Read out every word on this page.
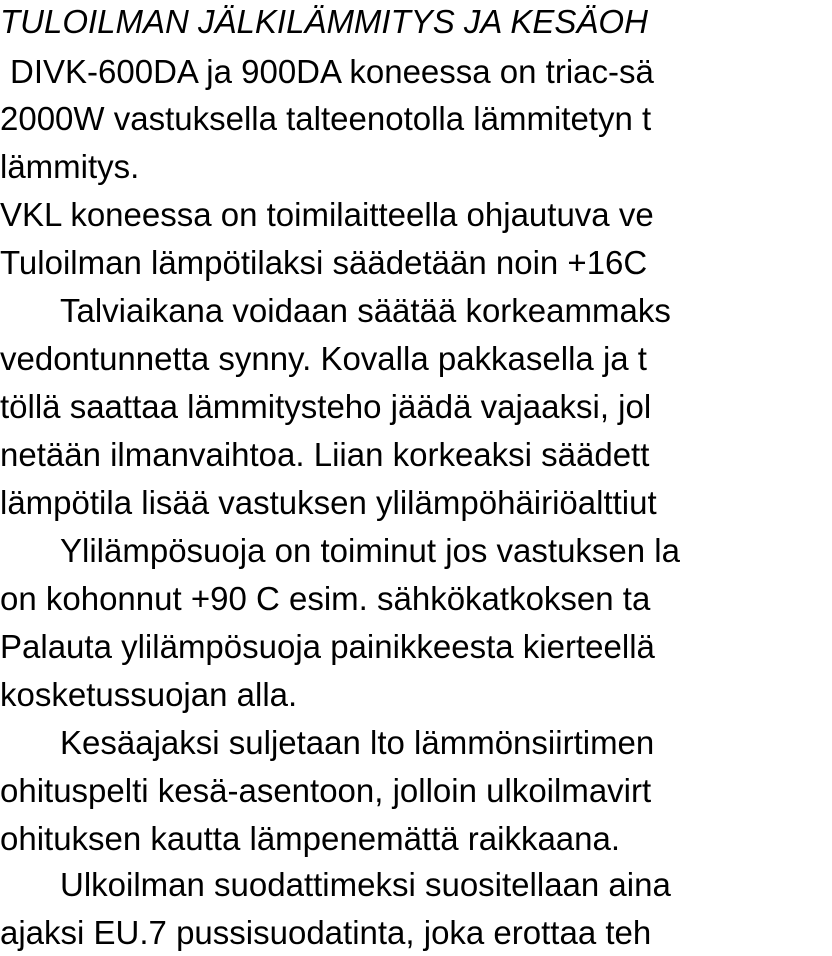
TULOILMAN JÄLKILÄMMITYS JA KESÄOH
DIVK-600DA ja 900DA koneessa on triac-sä
2000W vastuksella talteenotolla lämmitetyn t
lämmitys.
VKL koneessa on toimilaitteella ohjautuva ve
Tuloilman lämpötilaksi säädetään noin +16C
Talviaikana voidaan säätää korkeammaks
vedontunnetta synny. Kovalla pakkasella ja t
töllä saattaa lämmitysteho jäädä vajaaksi, jol
netään ilmanvaihtoa. Liian korkeaksi säädett
lämpötila lisää vastuksen ylilämpöhäiriöalttiut
Ylilämpösuoja on toiminut jos vastuksen la
on kohonnut +90 C esim. sähkökatkoksen ta
Palauta ylilämpösuoja painikkeesta kierteellä
kosketussuojan alla.
Kesäajaksi suljetaan lto lämmönsiirtimen
ohituspelti kesä-asentoon, jolloin ulkoilmavirt
ohituksen kautta lämpenemättä raikkaana.
Ulkoilman suodattimeksi suositellaan aina
ajaksi EU.7 pussisuodatinta, joka erottaa teh
